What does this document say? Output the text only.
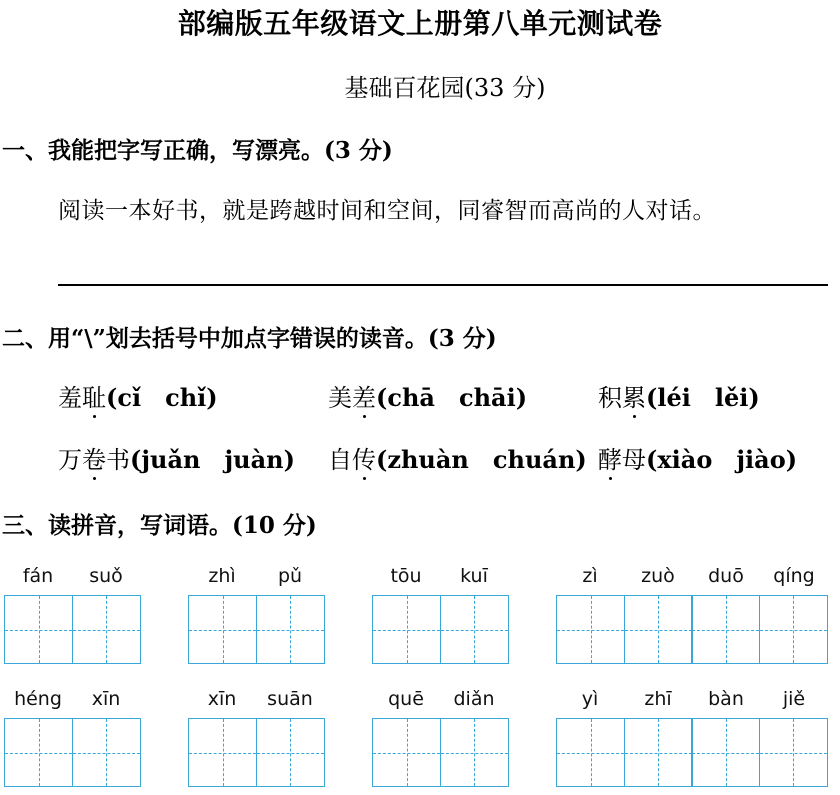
部编版五年级语文上册第八单元测试卷
基础百花园(33 分)
一、我能把字写正确，写漂亮。(3 分)
阅读一本好书，就是跨越时间和空间，同睿智而高尚的人对话。
二、用“\”划去括号中加点字错误的读音。(3 分)
羞耻(cǐ　chǐ)	美差(chā　chāi)	积累(léi　lěi)
万卷书(juǎn　juàn) 自传(zhuàn　chuán) 酵母(xiào　jiào)
三、读拼音，写词语。(10 分)
fán	suǒ	zhì	pǔ	tōu	kuī	zì	zuò	duō	qíng
héng	xīn	xīn	suān	quē	diǎn	yì	zhī	bàn	jiě
